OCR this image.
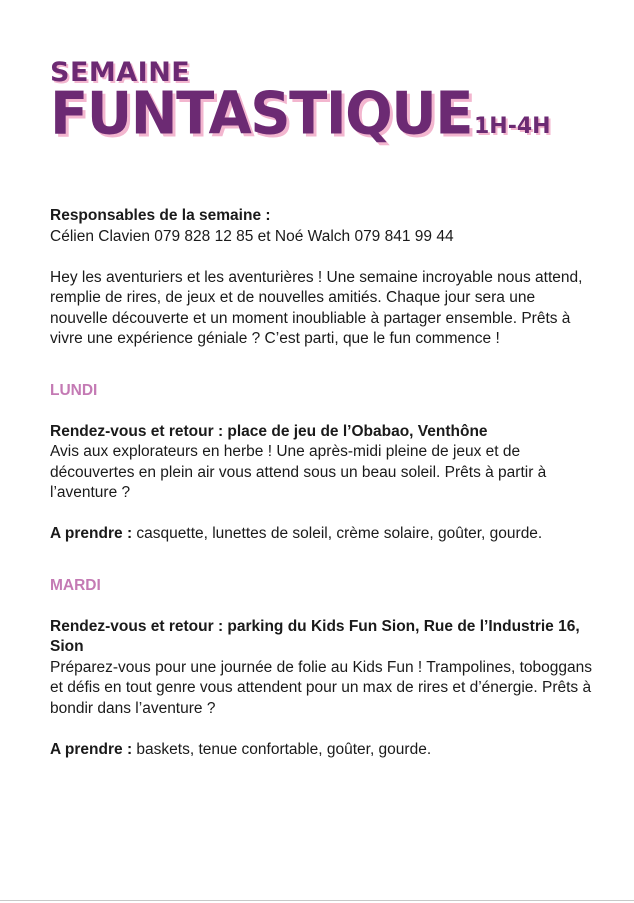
SEMAINE
FUNTASTIQUE 1H-4H

Responsables de la semaine :

Célien Clavien 079 828 12 85 et Noé Walch 079 841 99 44

Hey les aventuriers et les aventurières ! Une semaine incroyable nous attend, remplie de rires, de jeux et de nouvelles amitiés. Chaque jour sera une nouvelle découverte et un moment inoubliable à partager ensemble. Prêts à vivre une expérience géniale ? C’est parti, que le fun commence !

LUNDI

Rendez-vous et retour : place de jeu de l’Obabao, Venthône

Avis aux explorateurs en herbe ! Une après-midi pleine de jeux et de découvertes en plein air vous attend sous un beau soleil. Prêts à partir à l’aventure ?

A prendre : casquette, lunettes de soleil, crème solaire, goûter, gourde.

MARDI

Rendez-vous et retour : parking du Kids Fun Sion, Rue de l’Industrie 16, Sion

Préparez-vous pour une journée de folie au Kids Fun ! Trampolines, toboggans et défis en tout genre vous attendent pour un max de rires et d’énergie. Prêts à bondir dans l’aventure ?

A prendre : baskets, tenue confortable, goûter, gourde.
